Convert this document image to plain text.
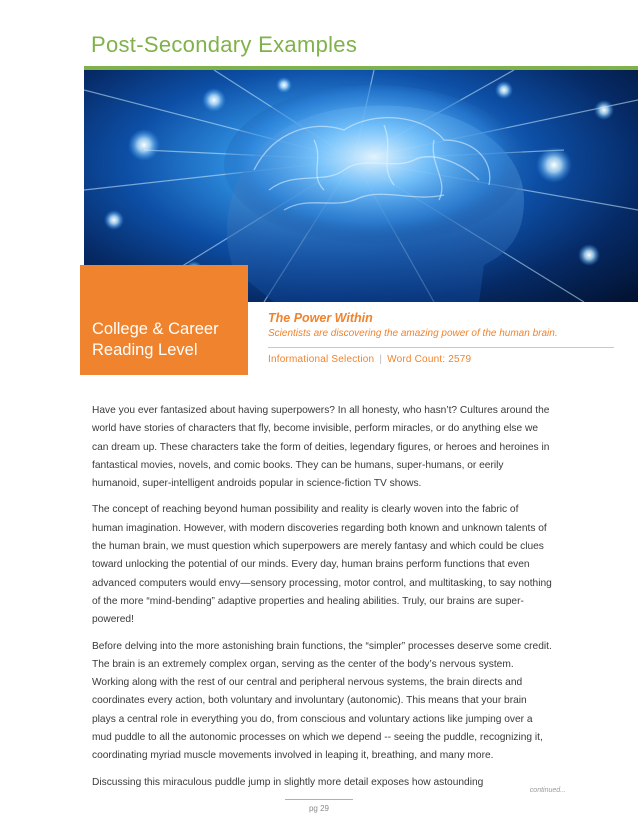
Post-Secondary Examples
College & Career
Reading Level
The Power Within
Scientists are discovering the amazing power of the human brain.
Informational Selection | Word Count: 2579

Have you ever fantasized about having superpowers? In all honesty, who hasn’t? Cultures around the world have stories of characters that fly, become invisible, perform miracles, or do anything else we can dream up. These characters take the form of deities, legendary figures, or heroes and heroines in fantastical movies, novels, and comic books. They can be humans, super-humans, or eerily humanoid, super-intelligent androids popular in science-fiction TV shows.

The concept of reaching beyond human possibility and reality is clearly woven into the fabric of human imagination. However, with modern discoveries regarding both known and unknown talents of the human brain, we must question which superpowers are merely fantasy and which could be clues toward unlocking the potential of our minds. Every day, human brains perform functions that even advanced computers would envy—sensory processing, motor control, and multitasking, to say nothing of the more “mind-bending” adaptive properties and healing abilities. Truly, our brains are super-powered!

Before delving into the more astonishing brain functions, the “simpler” processes deserve some credit. The brain is an extremely complex organ, serving as the center of the body’s nervous system. Working along with the rest of our central and peripheral nervous systems, the brain directs and coordinates every action, both voluntary and involuntary (autonomic). This means that your brain plays a central role in everything you do, from conscious and voluntary actions like jumping over a mud puddle to all the autonomic processes on which we depend -- seeing the puddle, recognizing it, coordinating myriad muscle movements involved in leaping it, breathing, and many more.

Discussing this miraculous puddle jump in slightly more detail exposes how astounding

continued...
pg 29
